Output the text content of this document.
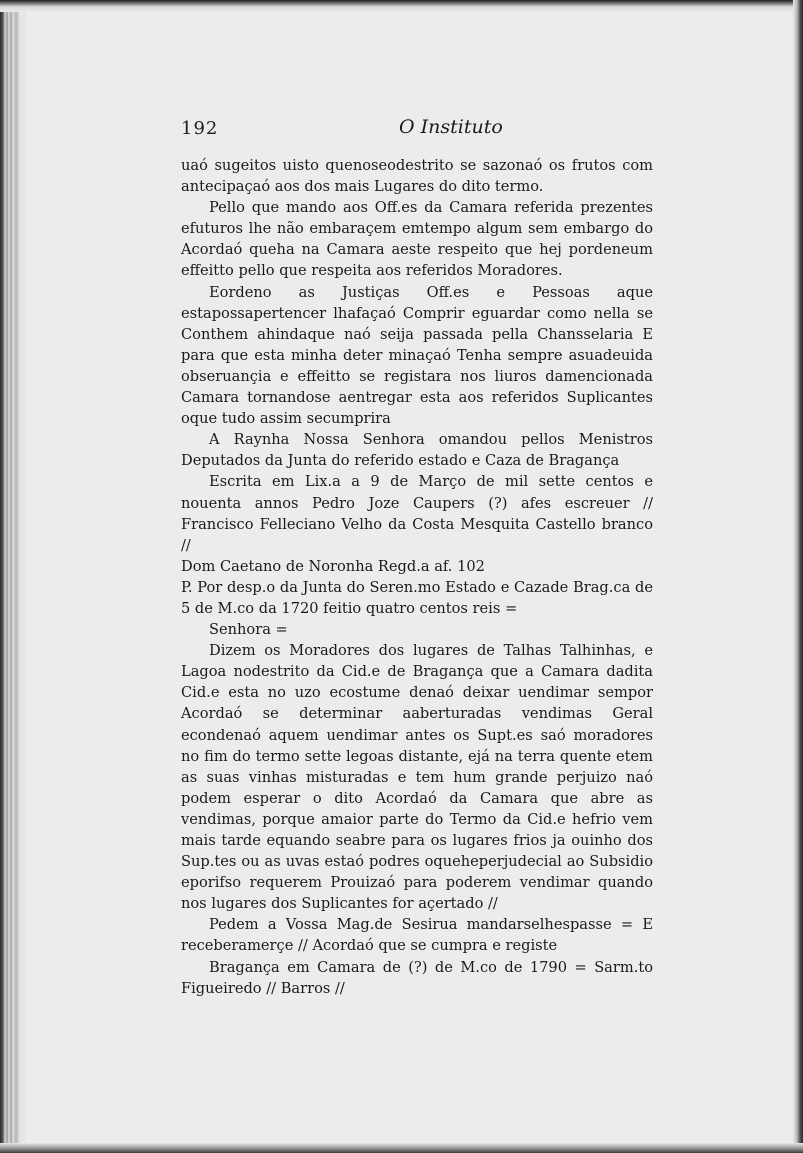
192	O Instituto

uaó sugeitos uisto quenoseodestrito se sazonaó os frutos com antecipaçaó aos dos mais Lugares do dito termo.

Pello que mando aos Off.es da Camara referida prezentes efuturos lhe não embaraçem emtempo algum sem embargo do Acordaó queha na Camara aeste respeito que hej pordeneum effeitto pello que respeita aos referidos Moradores.

Eordeno as Justiças Off.es e Pessoas aque estapossapertencer lhafaçaó Comprir eguardar como nella se Conthem ahindaque naó seija passada pella Chansselaria E para que esta minha deter minaçaó Tenha sempre asuadeuida obseruançia e effeitto se registara nos liuros damencionada Camara tornandose aentregar esta aos referidos Suplicantes oque tudo assim secumprira

A Raynha Nossa Senhora omandou pellos Menistros Deputados da Junta do referido estado e Caza de Bragança

Escrita em Lix.a a 9 de Março de mil sette centos e nouenta annos Pedro Joze Caupers (?) afes escreuer // Francisco Felleciano Velho da Costa Mesquita Castello branco //

Dom Caetano de Noronha Regd.a af. 102

P. Por desp.o da Junta do Seren.mo Estado e Cazade Brag.ca de 5 de M.co da 1720 feitio quatro centos reis =

Senhora =

Dizem os Moradores dos lugares de Talhas Talhinhas, e Lagoa nodestrito da Cid.e de Bragança que a Camara dadita Cid.e esta no uzo ecostume denaó deixar uendimar sempor Acordaó se determinar aaberturadas vendimas Geral econdenaó aquem uendimar antes os Supt.es saó moradores no fim do termo sette legoas distante, ejá na terra quente etem as suas vinhas misturadas e tem hum grande perjuizo naó podem esperar o dito Acordaó da Camara que abre as vendimas, porque amaior parte do Termo da Cid.e hefrio vem mais tarde equando seabre para os lugares frios ja ouinho dos Sup.tes ou as uvas estaó podres oqueheperjudecial ao Subsidio eporifso requerem Prouizaó para poderem vendimar quando nos lugares dos Suplicantes for açertado //

Pedem a Vossa Mag.de Sesirua mandarselhespasse = E receberamerçe // Acordaó que se cumpra e registe

Bragança em Camara de (?) de M.co de 1790 = Sarm.to Figueiredo // Barros //
